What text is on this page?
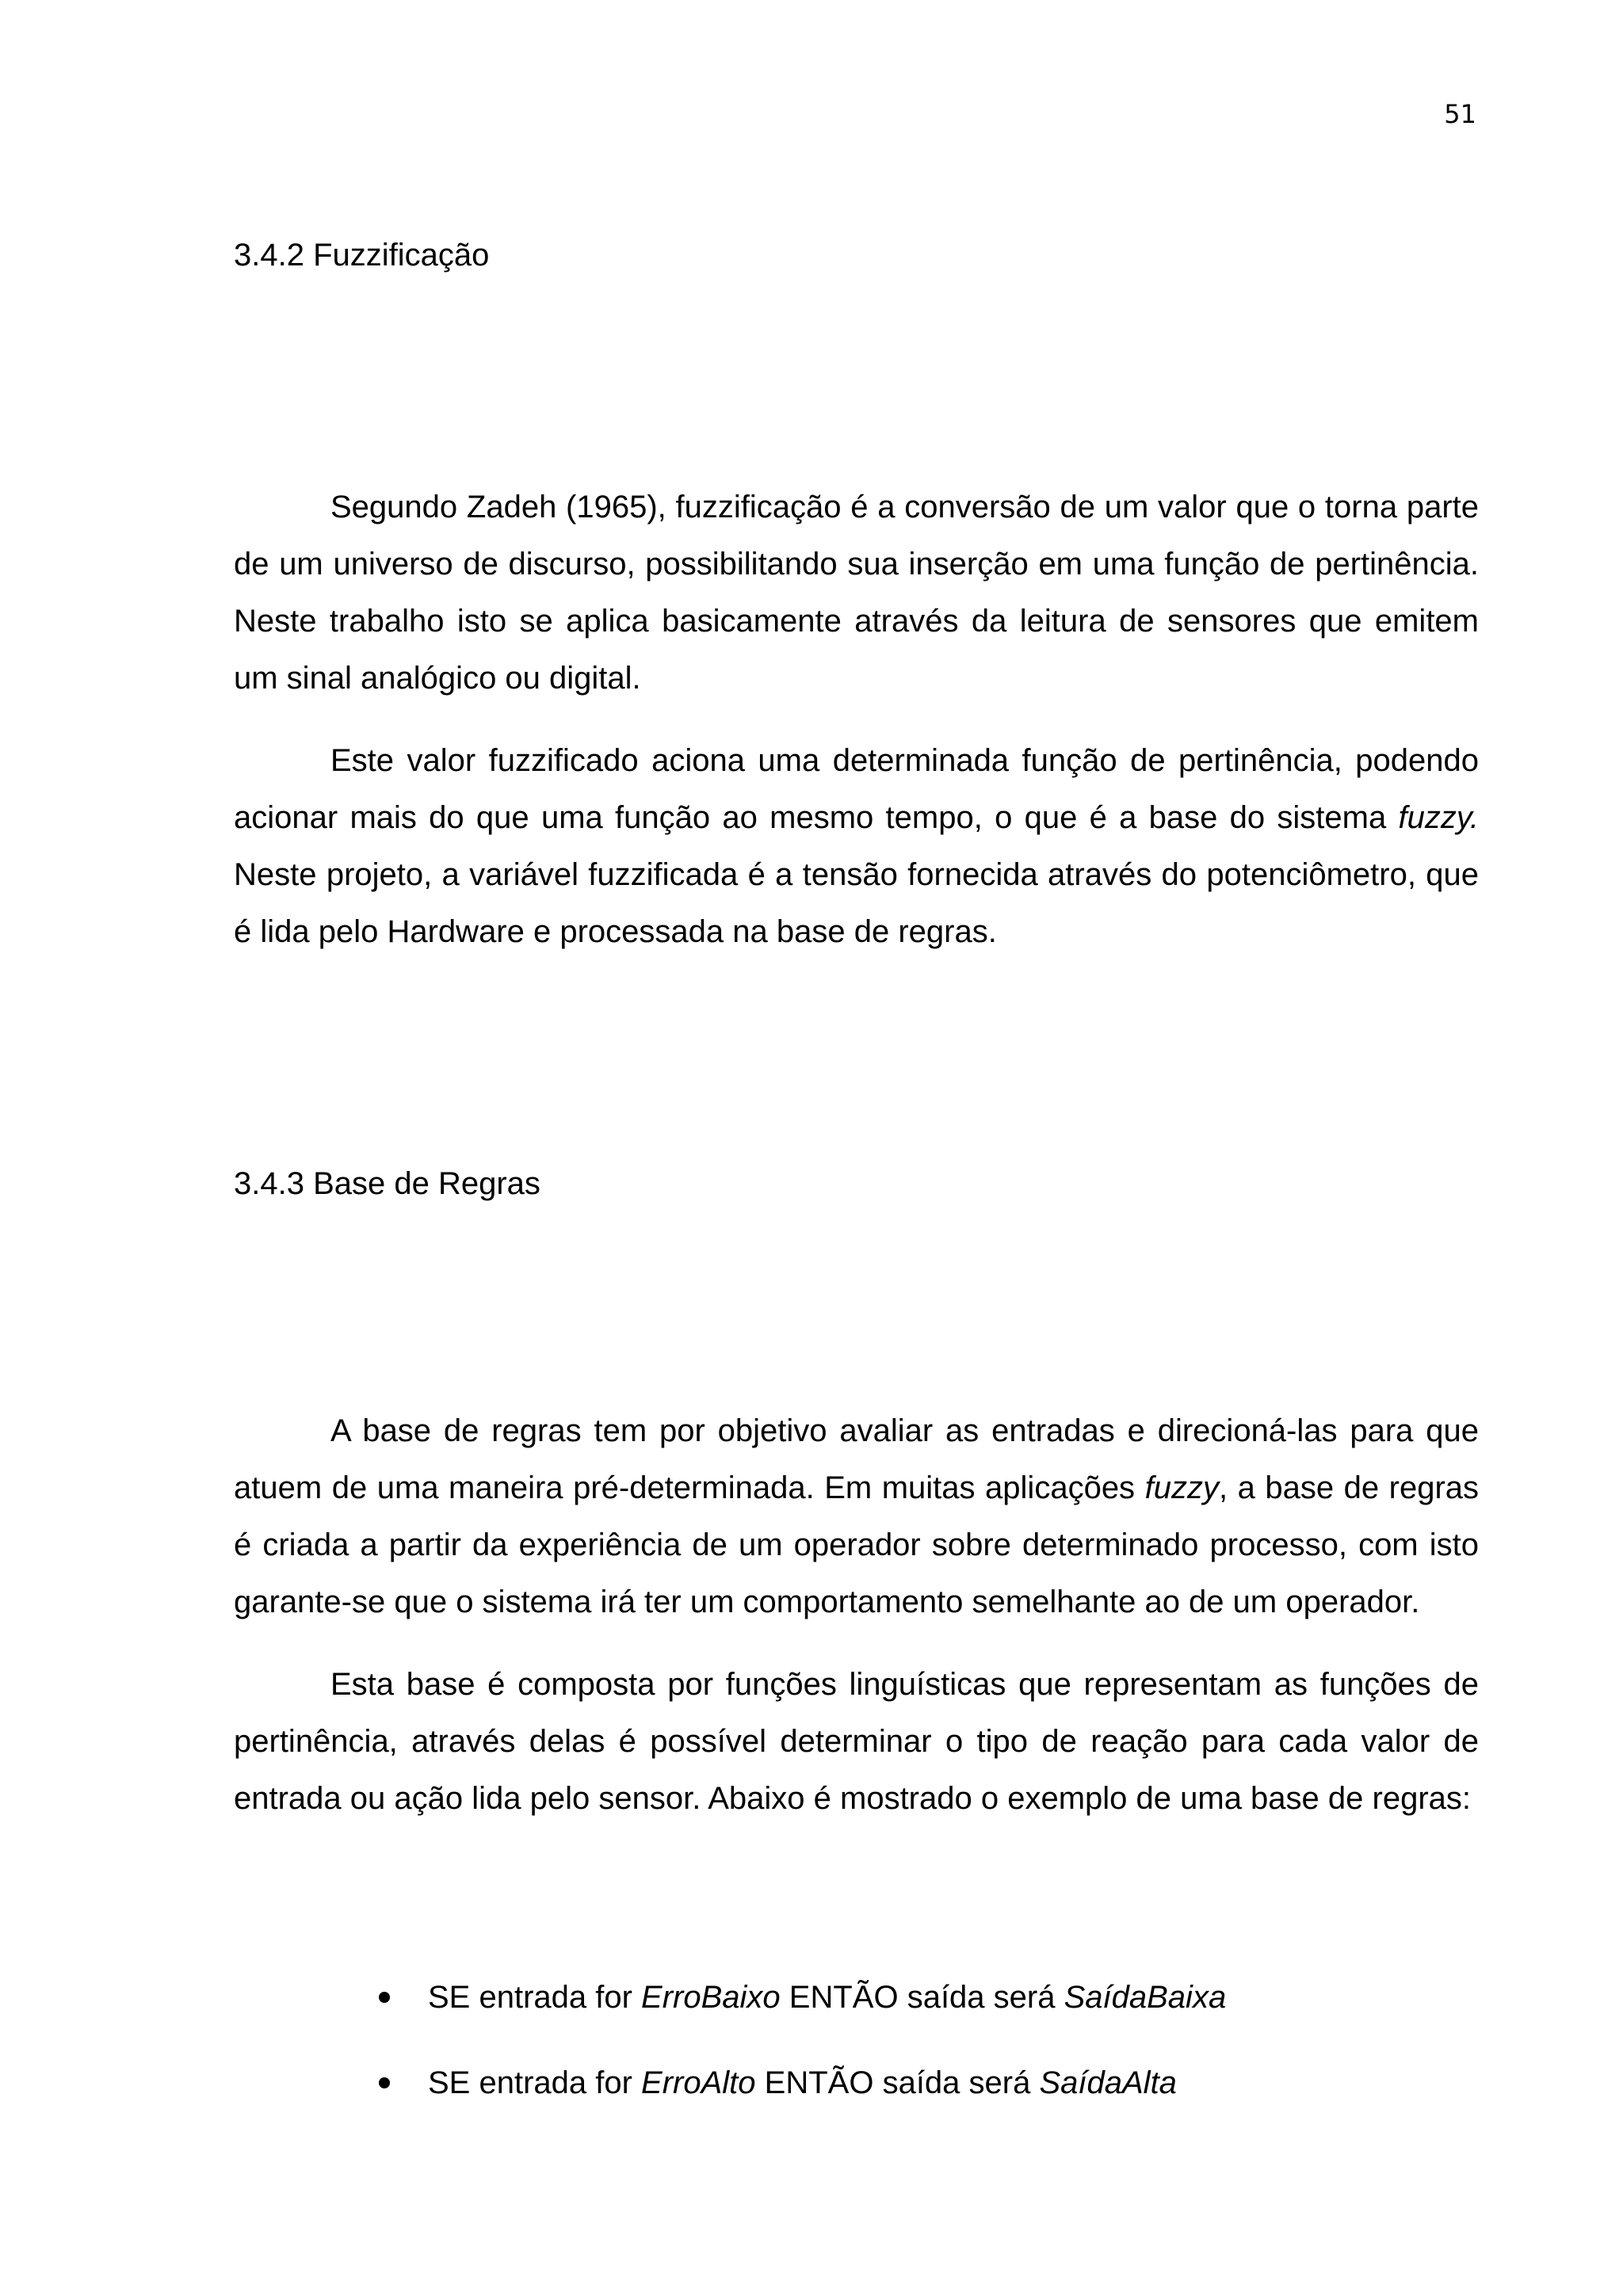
51
3.4.2 Fuzzificação

Segundo Zadeh (1965), fuzzificação é a conversão de um valor que o torna parte de um universo de discurso, possibilitando sua inserção em uma função de pertinência. Neste trabalho isto se aplica basicamente através da leitura de sensores que emitem um sinal analógico ou digital.

Este valor fuzzificado aciona uma determinada função de pertinência, podendo acionar mais do que uma função ao mesmo tempo, o que é a base do sistema fuzzy. Neste projeto, a variável fuzzificada é a tensão fornecida através do potenciômetro, que é lida pelo Hardware e processada na base de regras.

3.4.3 Base de Regras

A base de regras tem por objetivo avaliar as entradas e direcioná-las para que atuem de uma maneira pré-determinada. Em muitas aplicações fuzzy, a base de regras é criada a partir da experiência de um operador sobre determinado processo, com isto garante-se que o sistema irá ter um comportamento semelhante ao de um operador.

Esta base é composta por funções linguísticas que representam as funções de pertinência, através delas é possível determinar o tipo de reação para cada valor de entrada ou ação lida pelo sensor. Abaixo é mostrado o exemplo de uma base de regras:

SE entrada for ErroBaixo ENTÃO saída será SaídaBaixa
SE entrada for ErroAlto ENTÃO saída será SaídaAlta
